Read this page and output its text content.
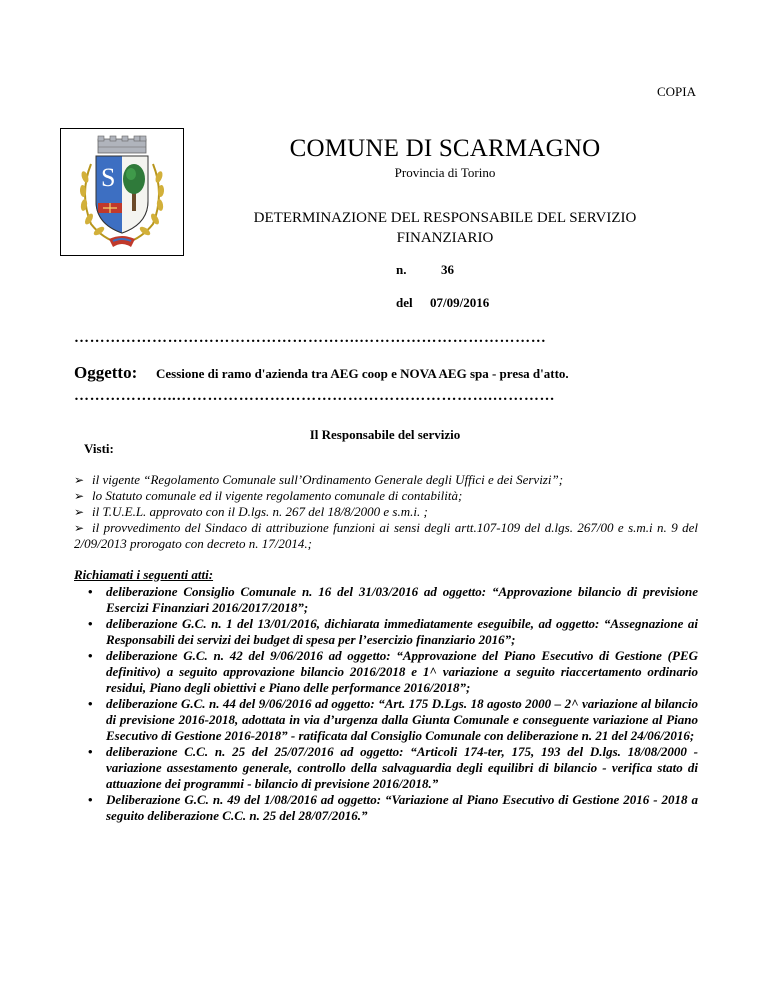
COPIA
S
COMUNE DI SCARMAGNO
Provincia di Torino
DETERMINAZIONE DEL RESPONSABILE DEL SERVIZIO
FINANZIARIO
n.	36
del 07/09/2016
……………………………………………….………………………………
Oggetto: Cessione di ramo d'azienda tra AEG coop e NOVA AEG spa - presa d'atto.
………………..…………………………………………………….…………
Il Responsabile del servizio
Visti:
➢ il vigente “Regolamento Comunale sull’Ordinamento Generale degli Uffici e dei Servizi”;
➢ lo Statuto comunale ed il vigente regolamento comunale di contabilità;
➢ il T.U.E.L. approvato con il D.lgs. n. 267 del 18/8/2000 e s.m.i. ;
➢ il provvedimento del Sindaco di attribuzione funzioni ai sensi degli artt.107-109 del d.lgs. 267/00 e s.m.i n. 9 del 2/09/2013 prorogato con decreto n. 17/2014.;
Richiamati i seguenti atti:
• deliberazione Consiglio Comunale n. 16 del 31/03/2016 ad oggetto: “Approvazione bilancio di previsione Esercizi Finanziari 2016/2017/2018”;
• deliberazione G.C. n. 1 del 13/01/2016, dichiarata immediatamente eseguibile, ad oggetto: “Assegnazione ai Responsabili dei servizi dei budget di spesa per l’esercizio finanziario 2016”;
• deliberazione G.C. n. 42 del 9/06/2016 ad oggetto: “Approvazione del Piano Esecutivo di Gestione (PEG definitivo) a seguito approvazione bilancio 2016/2018 e 1^ variazione a seguito riaccertamento ordinario residui, Piano degli obiettivi e Piano delle performance 2016/2018”;
• deliberazione G.C. n. 44 del 9/06/2016 ad oggetto: “Art. 175 D.Lgs. 18 agosto 2000 – 2^ variazione al bilancio di previsione 2016-2018, adottata in via d’urgenza dalla Giunta Comunale e conseguente variazione al Piano Esecutivo di Gestione 2016-2018” - ratificata dal Consiglio Comunale con deliberazione n. 21 del 24/06/2016;
• deliberazione C.C. n. 25 del 25/07/2016 ad oggetto: “Articoli 174-ter, 175, 193 del D.lgs. 18/08/2000 - variazione assestamento generale, controllo della salvaguardia degli equilibri di bilancio - verifica stato di attuazione dei programmi - bilancio di previsione 2016/2018.”
• Deliberazione G.C. n. 49 del 1/08/2016 ad oggetto: “Variazione al Piano Esecutivo di Gestione 2016 - 2018 a seguito deliberazione C.C. n. 25 del 28/07/2016.”
